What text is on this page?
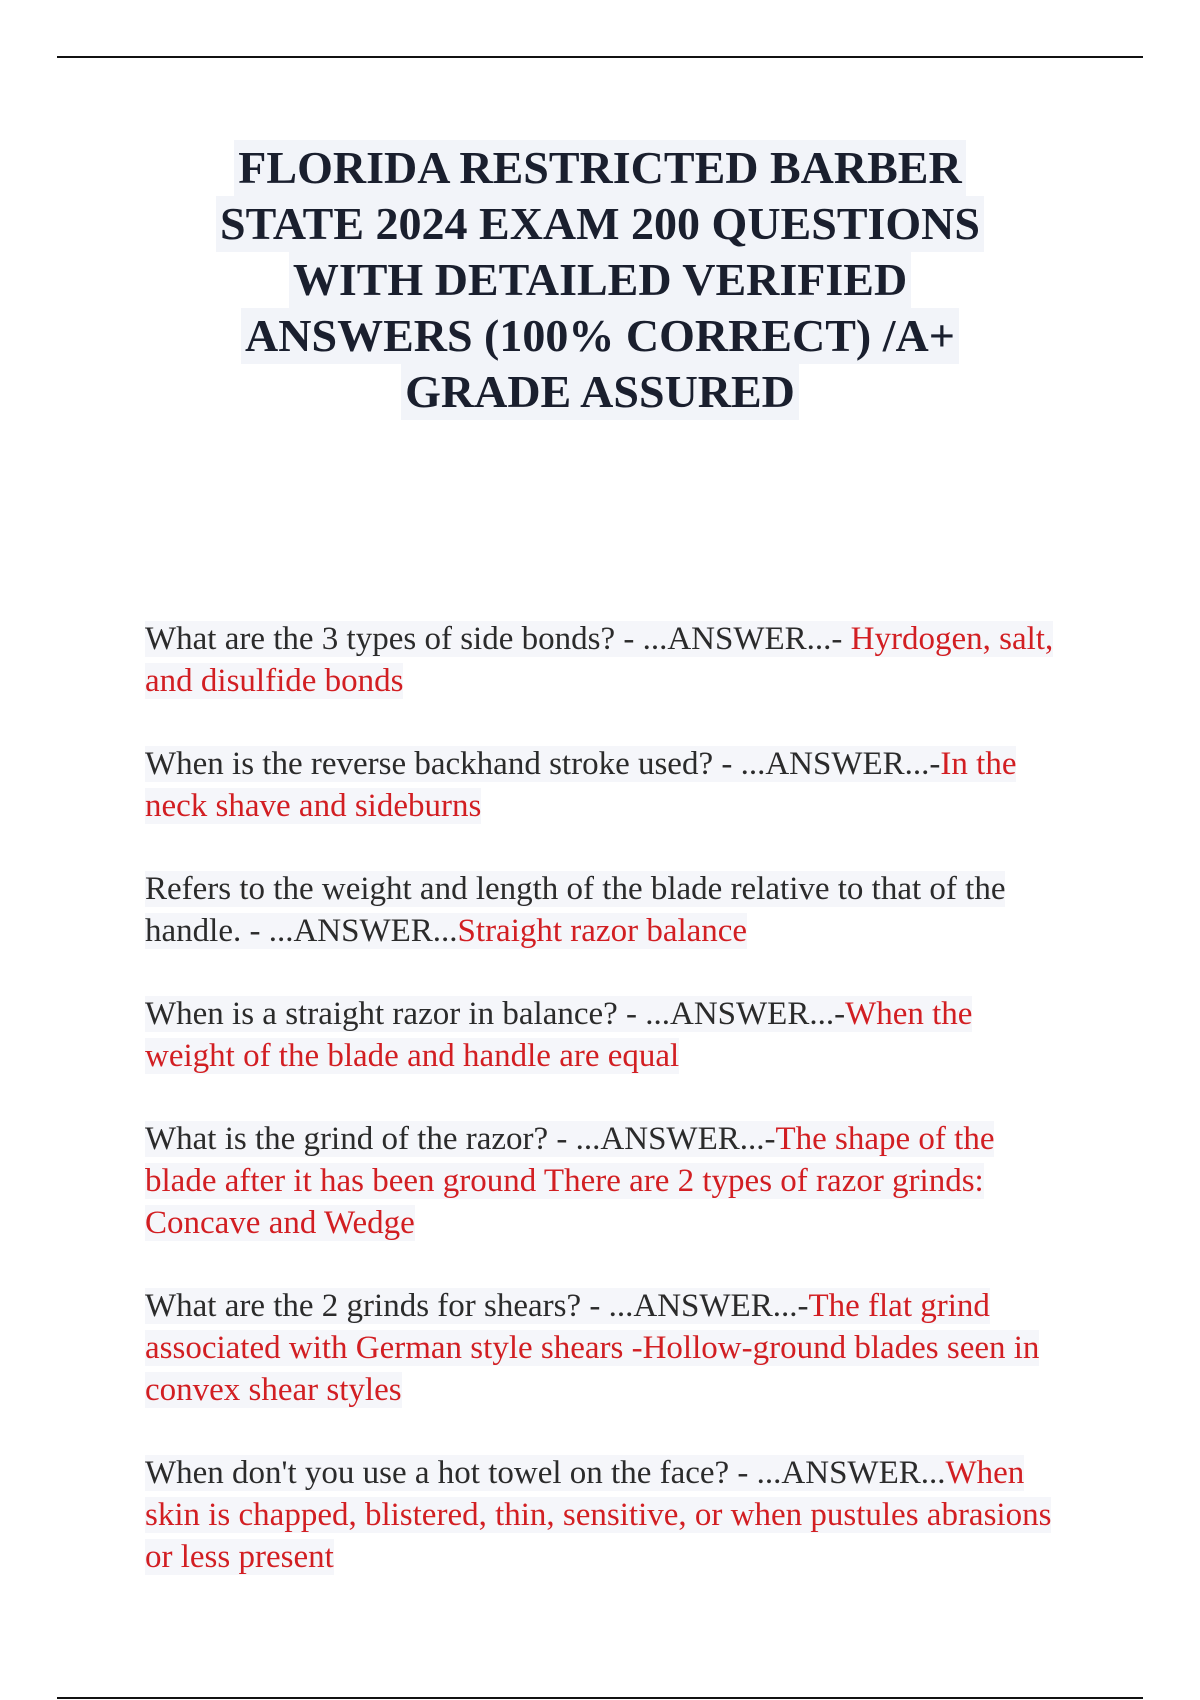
FLORIDA RESTRICTED BARBER
STATE 2024 EXAM 200 QUESTIONS
WITH DETAILED VERIFIED
ANSWERS (100% CORRECT) /A+
GRADE ASSURED

What are the 3 types of side bonds? - ...ANSWER...- Hyrdogen, salt, and disulfide bonds

When is the reverse backhand stroke used? - ...ANSWER...-In the neck shave and sideburns

Refers to the weight and length of the blade relative to that of the handle. - ...ANSWER...Straight razor balance

When is a straight razor in balance? - ...ANSWER...-When the weight of the blade and handle are equal

What is the grind of the razor? - ...ANSWER...-The shape of the blade after it has been ground There are 2 types of razor grinds: Concave and Wedge

What are the 2 grinds for shears? - ...ANSWER...-The flat grind associated with German style shears -Hollow-ground blades seen in convex shear styles

When don't you use a hot towel on the face? - ...ANSWER...When skin is chapped, blistered, thin, sensitive, or when pustules abrasions or less present
